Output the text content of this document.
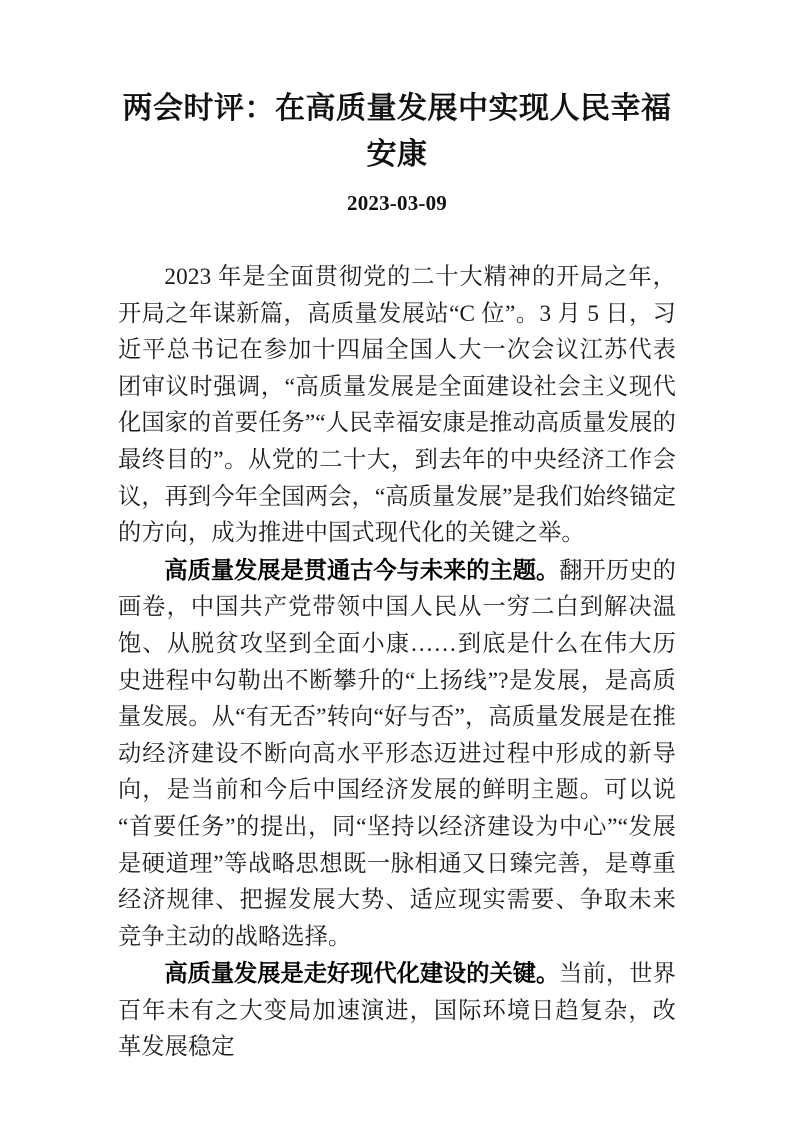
两会时评：在高质量发展中实现人民幸福安康
2023-03-09

2023 年是全面贯彻党的二十大精神的开局之年，开局之年谋新篇，高质量发展站“C 位”。3 月 5 日，习近平总书记在参加十四届全国人大一次会议江苏代表团审议时强调，“高质量发展是全面建设社会主义现代化国家的首要任务”“人民幸福安康是推动高质量发展的最终目的”。从党的二十大，到去年的中央经济工作会议，再到今年全国两会，“高质量发展”是我们始终锚定的方向，成为推进中国式现代化的关键之举。

高质量发展是贯通古今与未来的主题。翻开历史的画卷，中国共产党带领中国人民从一穷二白到解决温饱、从脱贫攻坚到全面小康……到底是什么在伟大历史进程中勾勒出不断攀升的“上扬线”?是发展，是高质量发展。从“有无否”转向“好与否”，高质量发展是在推动经济建设不断向高水平形态迈进过程中形成的新导向，是当前和今后中国经济发展的鲜明主题。可以说“首要任务”的提出，同“坚持以经济建设为中心”“发展是硬道理”等战略思想既一脉相通又日臻完善，是尊重经济规律、把握发展大势、适应现实需要、争取未来竞争主动的战略选择。

高质量发展是走好现代化建设的关键。当前，世界百年未有之大变局加速演进，国际环境日趋复杂，改革发展稳定
